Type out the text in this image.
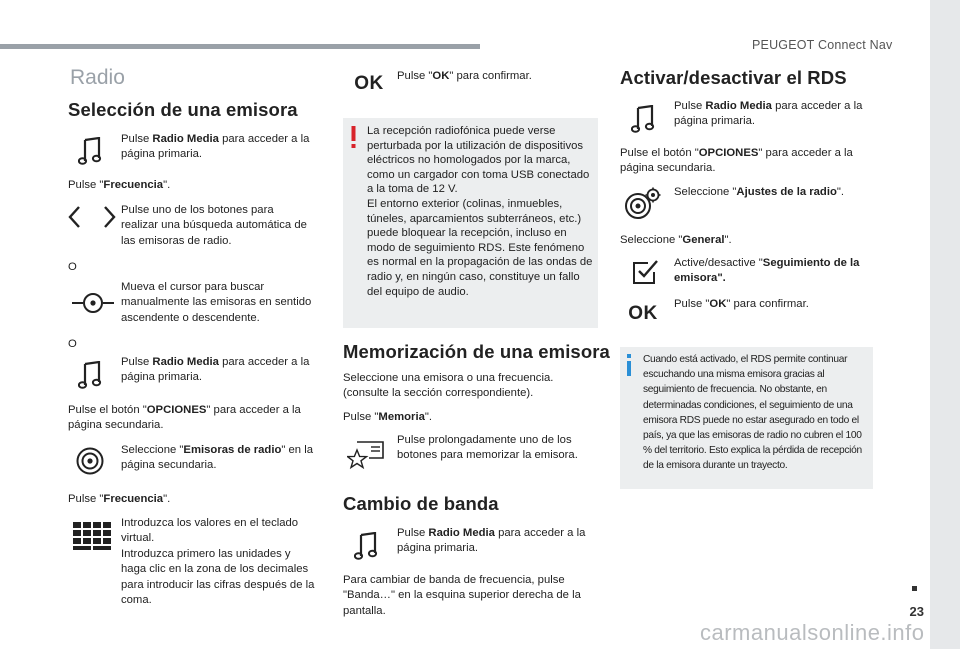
PEUGEOT Connect Nav
23
carmanualsonline.info
Radio
Selección de una emisora
Pulse Radio Media para acceder a la página primaria.
Pulse "Frecuencia".
Pulse uno de los botones para realizar una búsqueda automática de las emisoras de radio.
O
Mueva el cursor para buscar manualmente las emisoras en sentido ascendente o descendente.
O
Pulse Radio Media para acceder a la página primaria.
Pulse el botón "OPCIONES" para acceder a la página secundaria.
Seleccione "Emisoras de radio" en la página secundaria.
Pulse "Frecuencia".
Introduzca los valores en el teclado virtual.
Introduzca primero las unidades y haga clic en la zona de los decimales para introducir las cifras después de la coma.
OK Pulse "OK" para confirmar.
La recepción radiofónica puede verse perturbada por la utilización de dispositivos eléctricos no homologados por la marca, como un cargador con toma USB conectado a la toma de 12 V.
El entorno exterior (colinas, inmuebles, túneles, aparcamientos subterráneos, etc.) puede bloquear la recepción, incluso en modo de seguimiento RDS. Este fenómeno es normal en la propagación de las ondas de radio y, en ningún caso, constituye un fallo del equipo de audio.
Memorización de una emisora
Seleccione una emisora o una frecuencia. (consulte la sección correspondiente).
Pulse "Memoria".
Pulse prolongadamente uno de los botones para memorizar la emisora.
Cambio de banda
Pulse Radio Media para acceder a la página primaria.
Para cambiar de banda de frecuencia, pulse "Banda…" en la esquina superior derecha de la pantalla.
Activar/desactivar el RDS
Pulse Radio Media para acceder a la página primaria.
Pulse el botón "OPCIONES" para acceder a la página secundaria.
Seleccione "Ajustes de la radio".
Seleccione "General".
Active/desactive "Seguimiento de la emisora".
OK Pulse "OK" para confirmar.
Cuando está activado, el RDS permite continuar escuchando una misma emisora gracias al seguimiento de frecuencia. No obstante, en determinadas condiciones, el seguimiento de una emisora RDS puede no estar asegurado en todo el país, ya que las emisoras de radio no cubren el 100 % del territorio. Esto explica la pérdida de recepción de la emisora durante un trayecto.
